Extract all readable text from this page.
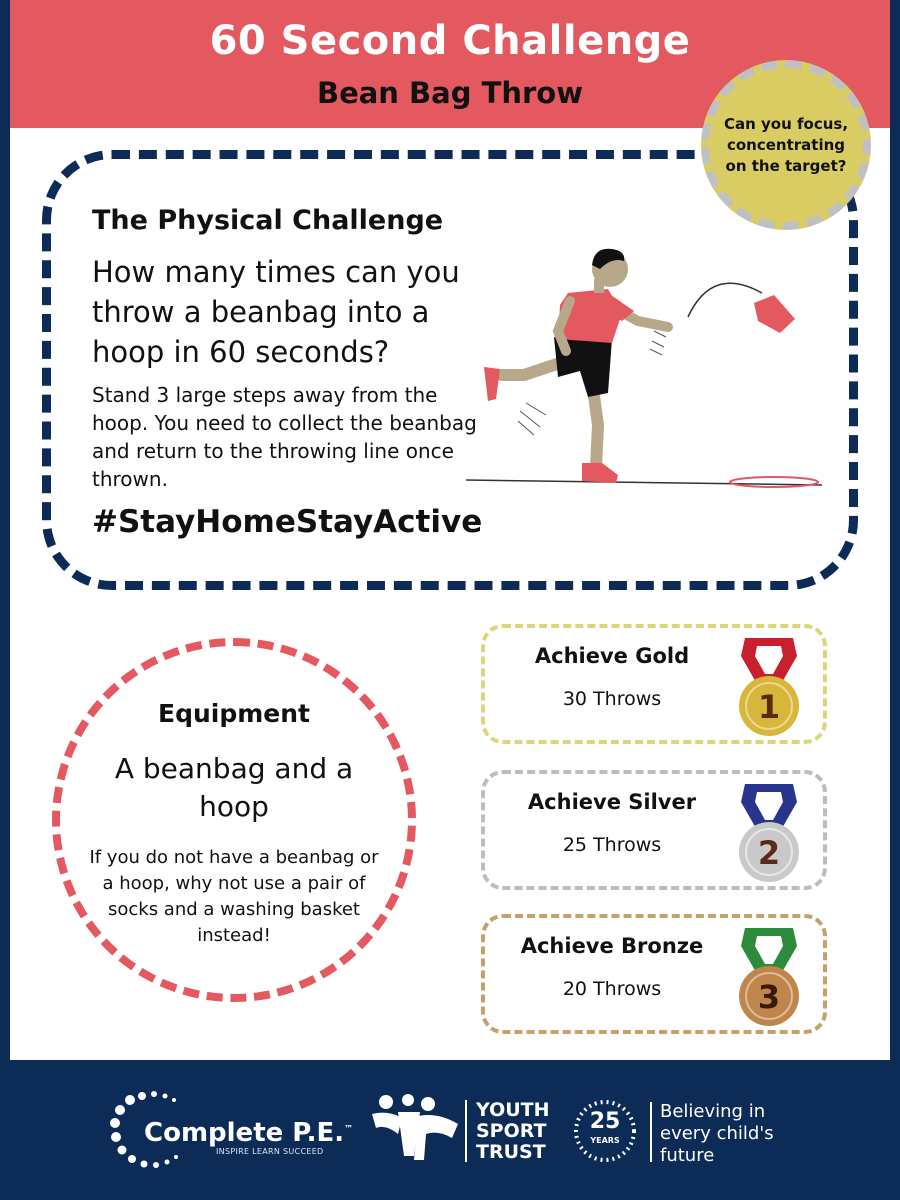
60 Second Challenge
Bean Bag Throw
The Physical Challenge
How many times can you throw a beanbag into a hoop in 60 seconds?
Stand 3 large steps away from the hoop. You need to collect the beanbag and return to the throwing line once thrown.
#StayHomeStayActive
Can you focus, concentrating on the target?
Equipment
A beanbag and a hoop
If you do not have a beanbag or a hoop, why not use a pair of socks and a washing basket instead!
Achieve Gold
30 Throws	1
Achieve Silver
25 Throws	2
Achieve Bronze
20 Throws	3
Complete P.E.™
INSPIRE LEARN SUCCEED
YOUTH
SPORT
TRUST
25
YEARS
Believing in every child's future
